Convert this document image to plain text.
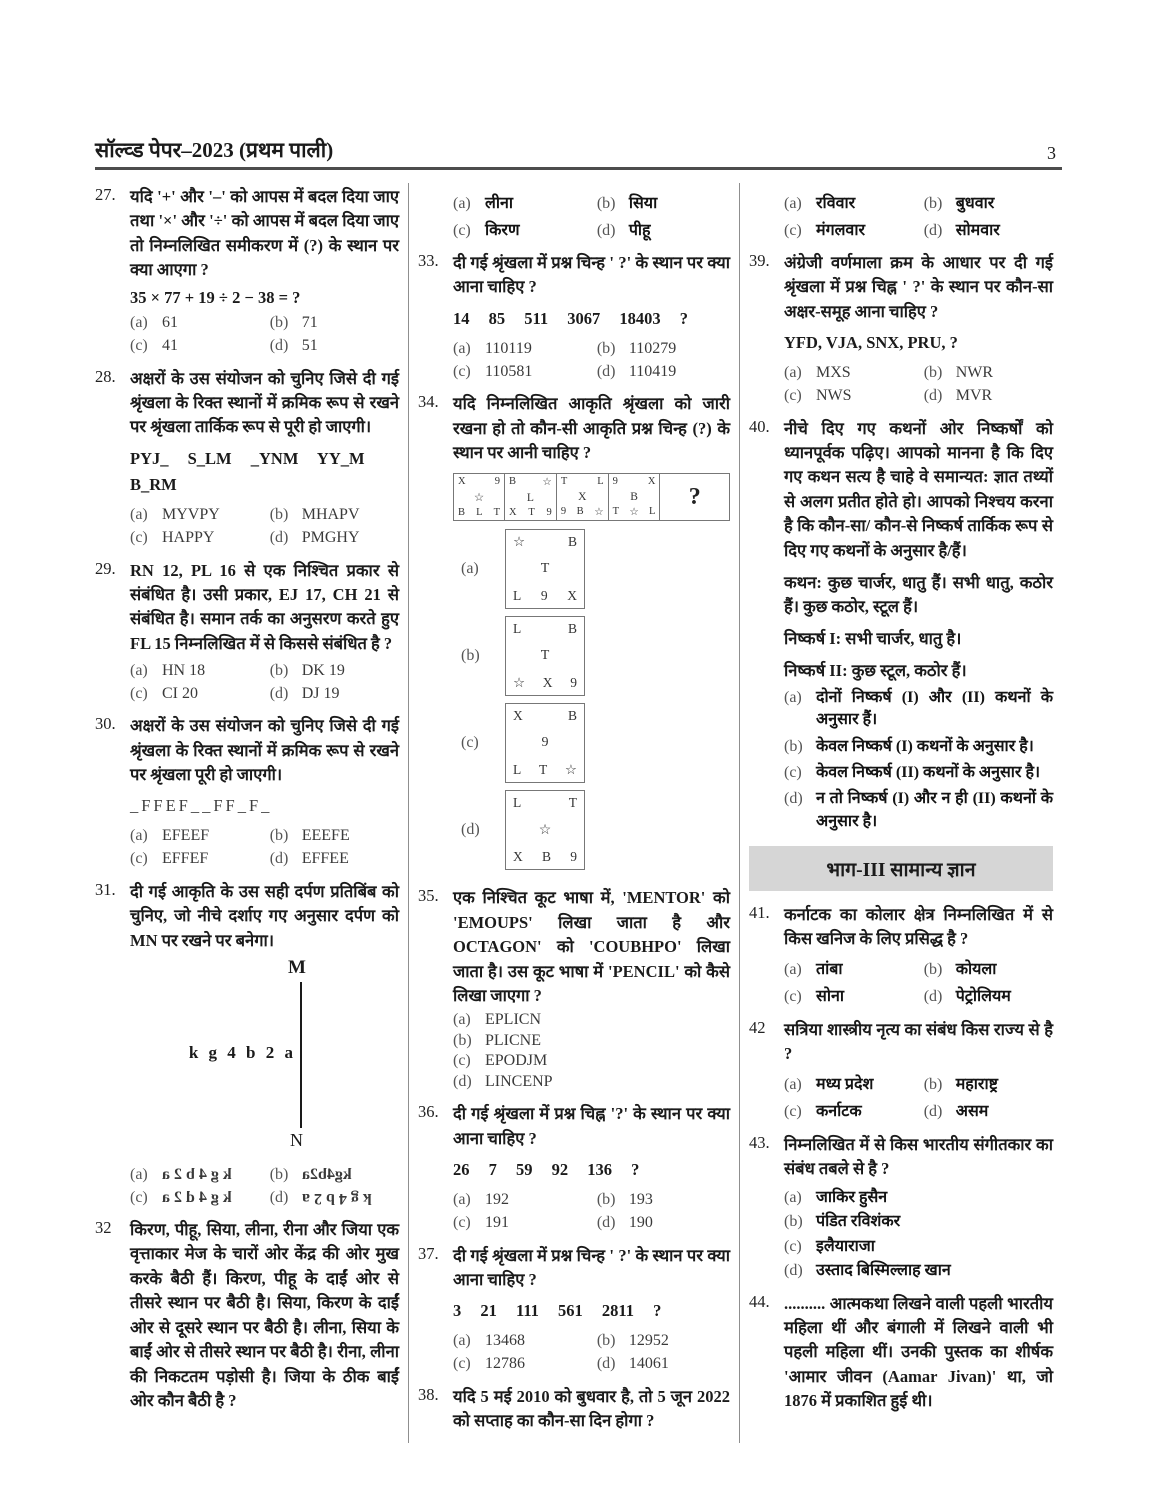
सॉल्व्ड पेपर–2023 (प्रथम पाली)	3
27. यदि '+' और '–' को आपस में बदल दिया जाए तथा '×' और '÷' को आपस में बदल दिया जाए तो निम्नलिखित समीकरण में (?) के स्थान पर क्या आएगा ?
35 × 77 + 19 ÷ 2 − 38 = ?
(a) 61	(b) 71
(c) 41	(d) 51
28. अक्षरों के उस संयोजन को चुनिए जिसे दी गई श्रृंखला के रिक्त स्थानों में क्रमिक रूप से रखने पर श्रृंखला तार्किक रूप से पूरी हो जाएगी।
PYJ_ S_LM _YNM YY_M B_RM
(a) MYVPY	(b) MHAPV
(c) HAPPY	(d) PMGHY
29. RN 12, PL 16 से एक निश्चित प्रकार से संबंधित है। उसी प्रकार, EJ 17, CH 21 से संबंधित है। समान तर्क का अनुसरण करते हुए FL 15 निम्नलिखित में से किससे संबंधित है ?
(a) HN 18	(b) DK 19
(c) CI 20	(d) DJ 19
30. अक्षरों के उस संयोजन को चुनिए जिसे दी गई श्रृंखला के रिक्त स्थानों में क्रमिक रूप से रखने पर श्रृंखला पूरी हो जाएगी।
_FFEF__FF_F_
(a) EFEEF	(b) EEEFE
(c) EFFEF	(d) EFFEE
31. दी गई आकृति के उस सही दर्पण प्रतिबिंब को चुनिए, जो नीचे दर्शाए गए अनुसार दर्पण को MN पर रखने पर बनेगा।
M
k g 4 b 2 a
N
(a) k g 4 b 2 a (b) kg4b2a
(c) k g 4 d 2 a (d) k g 4 b 2 a
32	किरण, पीहू, सिया, लीना, रीना और जिया एक वृत्ताकार मेज के चारों ओर केंद्र की ओर मुख करके बैठी हैं। किरण, पीहू के दाईं ओर से तीसरे स्थान पर बैठी है। सिया, किरण के दाईं ओर से दूसरे स्थान पर बैठी है। लीना, सिया के बाईं ओर से तीसरे स्थान पर बैठी है। रीना, लीना की निकटतम पड़ोसी है। जिया के ठीक बाईं ओर कौन बैठी है ?
(a) लीना	(b) सिया
(c) किरण	(d) पीहू
33. दी गई श्रृंखला में प्रश्न चिन्ह ' ?' के स्थान पर क्या आना चाहिए ?
14 85 511 3067 18403 ?
(a) 110119	(b) 110279
(c) 110581	(d) 110419
34. यदि निम्नलिखित आकृति श्रृंखला को जारी रखना हो तो कौन-सी आकृति प्रश्न चिन्ह (?) के स्थान पर आनी चाहिए ?
X	9
☆
B L T
B	☆
L
X T 9
T	L
X
9 B ☆
9	X
B
T ☆ L
?
(a)
☆	B
T
L 9 X
(b)
L	B
T
☆ X 9
(c)
X	B
9
L T ☆
(d)
L	T
☆
X B 9
35. एक निश्चित कूट भाषा में, 'MENTOR' को 'EMOUPS' लिखा जाता है और OCTAGON' को 'COUBHPO' लिखा जाता है। उस कूट भाषा में 'PENCIL' को कैसे लिखा जाएगा ?
(a) EPLICN
(b) PLICNE
(c) EPODJM
(d) LINCENP
36. दी गई श्रृंखला में प्रश्न चिह्न '?' के स्थान पर क्या आना चाहिए ?
26 7 59 92 136 ?
(a) 192	(b) 193
(c) 191	(d) 190
37. दी गई श्रृंखला में प्रश्न चिन्ह ' ?' के स्थान पर क्या आना चाहिए ?
3 21 111 561 2811 ?
(a) 13468	(b) 12952
(c) 12786	(d) 14061
38. यदि 5 मई 2010 को बुधवार है, तो 5 जून 2022 को सप्ताह का कौन-सा दिन होगा ?
(a) रविवार	(b) बुधवार
(c) मंगलवार	(d) सोमवार
39. अंग्रेजी वर्णमाला क्रम के आधार पर दी गई श्रृंखला में प्रश्न चिह्न ' ?' के स्थान पर कौन-सा अक्षर-समूह आना चाहिए ?
YFD, VJA, SNX, PRU, ?
(a) MXS	(b) NWR
(c) NWS	(d) MVR
40. नीचे दिए गए कथनों ओर निष्कर्षों को ध्यानपूर्वक पढ़िए। आपको मानना है कि दिए गए कथन सत्य है चाहे वे समान्यत: ज्ञात तथ्यों से अलग प्रतीत होते हो। आपको निश्चय करना है कि कौन-सा/ कौन-से निष्कर्ष तार्किक रूप से दिए गए कथनों के अनुसार है/हैं।
कथन: कुछ चार्जर, धातु हैं। सभी धातु, कठोर हैं। कुछ कठोर, स्टूल हैं।
निष्कर्ष I: सभी चार्जर, धातु है।
निष्कर्ष II: कुछ स्टूल, कठोर हैं।
(a) दोनों निष्कर्ष (I) और (II) कथनों के अनुसार हैं।
(b) केवल निष्कर्ष (I) कथनों के अनुसार है।
(c) केवल निष्कर्ष (II) कथनों के अनुसार है।
(d) न तो निष्कर्ष (I) और न ही (II) कथनों के अनुसार है।
भाग-III सामान्य ज्ञान
41. कर्नाटक का कोलार क्षेत्र निम्नलिखित में से किस खनिज के लिए प्रसिद्ध है ?
(a) तांबा	(b) कोयला
(c) सोना	(d) पेट्रोलियम
42	सत्रिया शास्त्रीय नृत्य का संबंध किस राज्य से है ?
(a) मध्य प्रदेश	(b) महाराष्ट्र
(c) कर्नाटक	(d) असम
43. निम्नलिखित में से किस भारतीय संगीतकार का संबंध तबले से है ?
(a) जाकिर हुसैन
(b) पंडित रविशंकर
(c) इलैयाराजा
(d) उस्ताद बिस्मिल्लाह खान
44. .......... आत्मकथा लिखने वाली पहली भारतीय महिला थीं और बंगाली में लिखने वाली भी पहली महिला थीं। उनकी पुस्तक का शीर्षक 'आमार जीवन (Aamar Jivan)' था, जो 1876 में प्रकाशित हुई थी।
